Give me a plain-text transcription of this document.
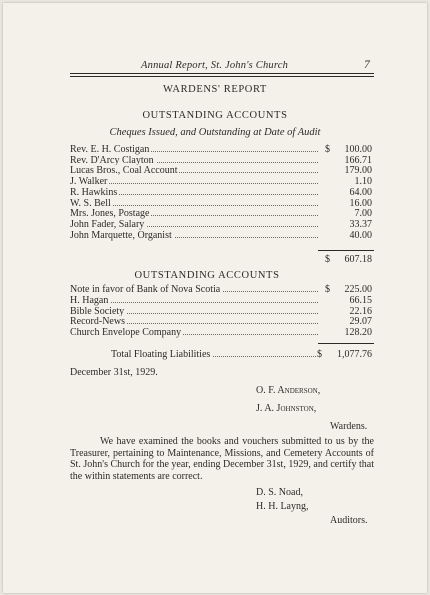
Annual Report, St. John's Church	7
WARDENS' REPORT
OUTSTANDING ACCOUNTS
Cheques Issued, and Outstanding at Date of Audit
Rev. E. H. Costigan	$ 100.00
Rev. D'Arcy Clayton	166.71
Lucas Bros., Coal Account	179.00
J. Walker	1.10
R. Hawkins	64.00
W. S. Bell	16.00
Mrs. Jones, Postage	7.00
John Fader, Salary	33.37
John Marquette, Organist	40.00
$ 607.18
OUTSTANDING ACCOUNTS
Note in favor of Bank of Nova Scotia	$ 225.00
H. Hagan	66.15
Bible Society	22.16
Record-News	29.07
Church Envelope Company	128.20
Total Floating Liabilities	$ 1,077.76
December 31st, 1929.
O. F. Anderson,
J. A. Johnston,
Wardens.
We have examined the books and vouchers submitted to us by the Treasurer, pertaining to Maintenance, Missions, and Cemetery Accounts of St. John's Church for the year, ending December 31st, 1929, and certify that the within statements are correct.
D. S. Noad,
H. H. Layng,
Auditors.
